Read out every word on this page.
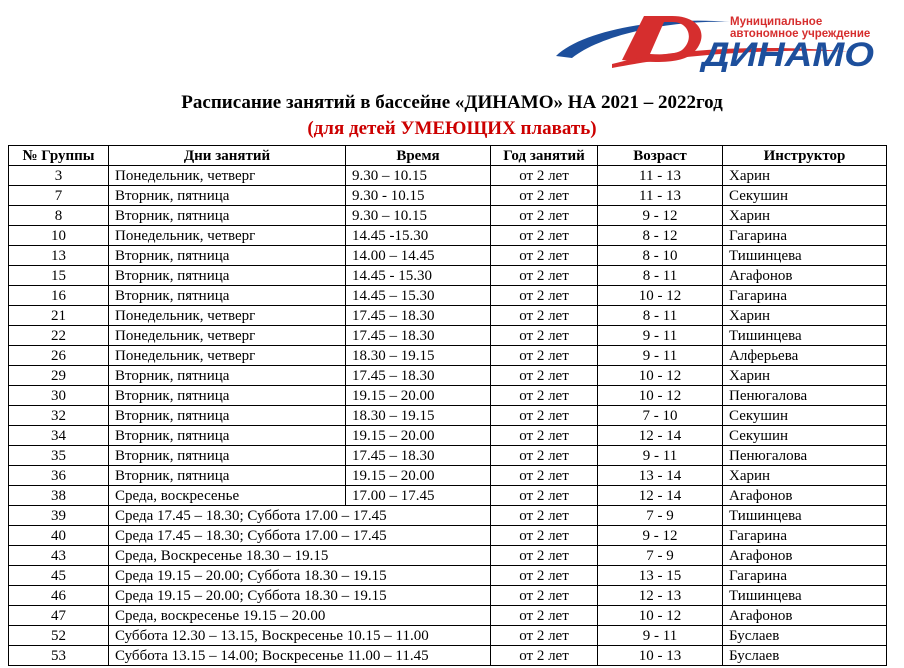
Муниципальное
автономное учреждение
ДИНАМО
Расписание занятий в бассейне «ДИНАМО» НА 2021 – 2022год
(для детей УМЕЮЩИХ плавать)
№ Группы	Дни занятий	Время	Год занятий	Возраст	Инструктор
3	Понедельник, четверг	9.30 – 10.15	от 2 лет	11 - 13	Харин
7	Вторник, пятница	9.30 - 10.15	от 2 лет	11 - 13	Секушин
8	Вторник, пятница	9.30 – 10.15	от 2 лет	9 - 12	Харин
10	Понедельник, четверг	14.45 -15.30	от 2 лет	8 - 12	Гагарина
13	Вторник, пятница	14.00 – 14.45	от 2 лет	8 - 10	Тишинцева
15	Вторник, пятница	14.45 - 15.30	от 2 лет	8 - 11	Агафонов
16	Вторник, пятница	14.45 – 15.30	от 2 лет	10 - 12	Гагарина
21	Понедельник, четверг	17.45 – 18.30	от 2 лет	8 - 11	Харин
22	Понедельник, четверг	17.45 – 18.30	от 2 лет	9 - 11	Тишинцева
26	Понедельник, четверг	18.30 – 19.15	от 2 лет	9 - 11	Алферьева
29	Вторник, пятница	17.45 – 18.30	от 2 лет	10 - 12	Харин
30	Вторник, пятница	19.15 – 20.00	от 2 лет	10 - 12	Пенюгалова
32	Вторник, пятница	18.30 – 19.15	от 2 лет	7 - 10	Секушин
34	Вторник, пятница	19.15 – 20.00	от 2 лет	12 - 14	Секушин
35	Вторник, пятница	17.45 – 18.30	от 2 лет	9 - 11	Пенюгалова
36	Вторник, пятница	19.15 – 20.00	от 2 лет	13 - 14	Харин
38	Среда, воскресенье	17.00 – 17.45	от 2 лет	12 - 14	Агафонов
39	Среда 17.45 – 18.30; Суббота 17.00 – 17.45		от 2 лет	7 - 9	Тишинцева
40	Среда 17.45 – 18.30; Суббота 17.00 – 17.45		от 2 лет	9 - 12	Гагарина
43	Среда, Воскресенье 18.30 – 19.15		от 2 лет	7 - 9	Агафонов
45	Среда 19.15 – 20.00; Суббота 18.30 – 19.15		от 2 лет	13 - 15	Гагарина
46	Среда 19.15 – 20.00; Суббота 18.30 – 19.15		от 2 лет	12 - 13	Тишинцева
47	Среда, воскресенье 19.15 – 20.00		от 2 лет	10 - 12	Агафонов
52	Суббота 12.30 – 13.15, Воскресенье 10.15 – 11.00		от 2 лет	9 - 11	Буслаев
53	Суббота 13.15 – 14.00; Воскресенье 11.00 – 11.45		от 2 лет	10 - 13	Буслаев
